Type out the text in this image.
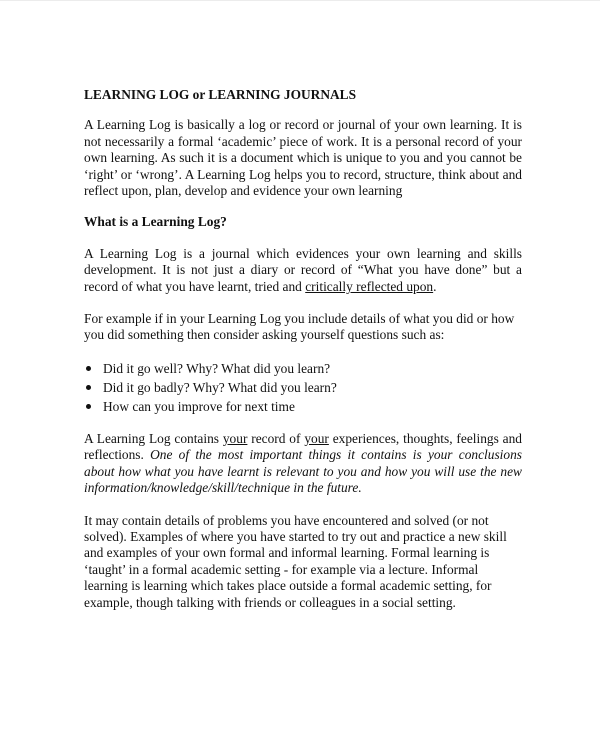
LEARNING LOG or LEARNING JOURNALS

A Learning Log is basically a log or record or journal of your own learning. It is not necessarily a formal ‘academic’ piece of work. It is a personal record of your own learning. As such it is a document which is unique to you and you cannot be ‘right’ or ‘wrong’. A Learning Log helps you to record, structure, think about and reflect upon, plan, develop and evidence your own learning

What is a Learning Log?

A Learning Log is a journal which evidences your own learning and skills development. It is not just a diary or record of “What you have done” but a record of what you have learnt, tried and critically reflected upon.

For example if in your Learning Log you include details of what you did or how you did something then consider asking yourself questions such as:

Did it go well? Why? What did you learn?
Did it go badly? Why? What did you learn?
How can you improve for next time

A Learning Log contains your record of your experiences, thoughts, feelings and reflections. One of the most important things it contains is your conclusions about how what you have learnt is relevant to you and how you will use the new information/knowledge/skill/technique in the future.

It may contain details of problems you have encountered and solved (or not solved). Examples of where you have started to try out and practice a new skill and examples of your own formal and informal learning. Formal learning is ‘taught’ in a formal academic setting - for example via a lecture. Informal learning is learning which takes place outside a formal academic setting, for example, though talking with friends or colleagues in a social setting.
